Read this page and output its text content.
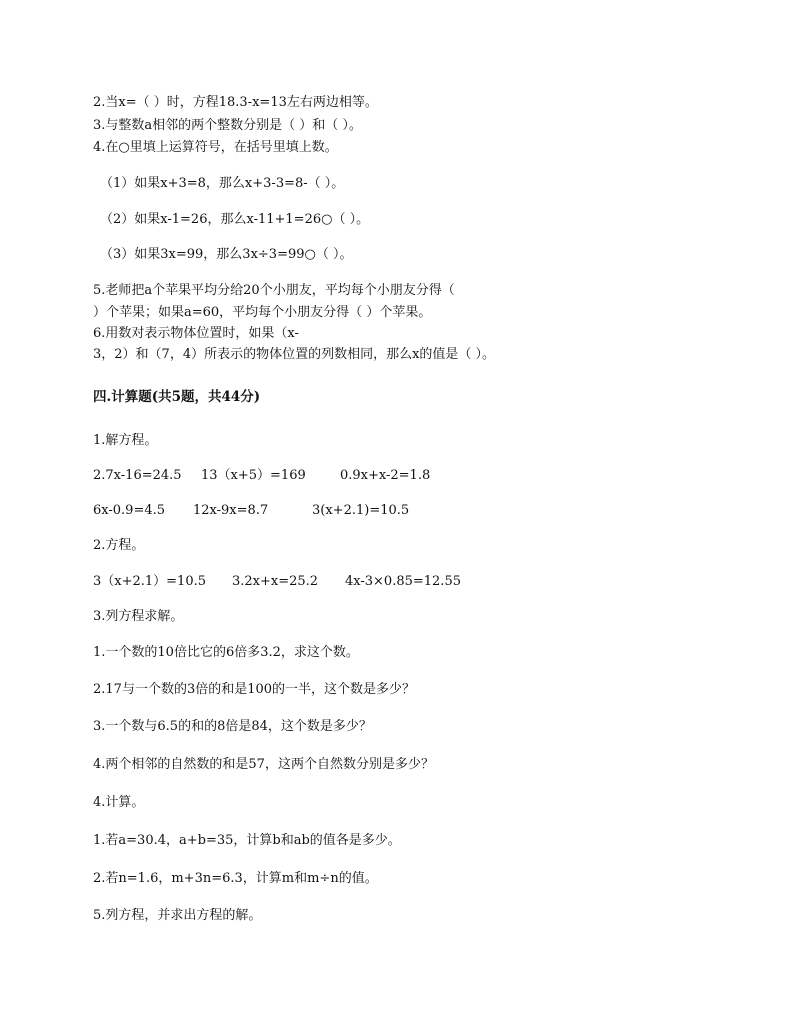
2.当x=（ ）时，方程18.3-x=13左右两边相等。
3.与整数a相邻的两个整数分别是（ ）和（ ）。
4.在○里填上运算符号，在括号里填上数。
（1）如果x+3=8，那么x+3-3=8-（ ）。
（2）如果x-1=26，那么x-11+1=26○（ ）。
（3）如果3x=99，那么3x÷3=99○（ ）。
5.老师把a个苹果平均分给20个小朋友，平均每个小朋友分得（
）个苹果；如果a=60，平均每个小朋友分得（ ）个苹果。
6.用数对表示物体位置时，如果（x-
3，2）和（7，4）所表示的物体位置的列数相同，那么x的值是（ ）。
四.计算题(共5题，共44分)
1.解方程。
2.7x-16=24.5 13（x+5）=169	0.9x+x-2=1.8
6x-0.9=4.5 12x-9x=8.7	3(x+2.1)=10.5
2.方程。
3（x+2.1）=10.5 3.2x+x=25.2 4x-3×0.85=12.55
3.列方程求解。
1.一个数的10倍比它的6倍多3.2，求这个数。
2.17与一个数的3倍的和是100的一半，这个数是多少？
3.一个数与6.5的和的8倍是84，这个数是多少？
4.两个相邻的自然数的和是57，这两个自然数分别是多少？
4.计算。
1.若a=30.4，a+b=35，计算b和ab的值各是多少。
2.若n=1.6，m+3n=6.3，计算m和m÷n的值。
5.列方程，并求出方程的解。
